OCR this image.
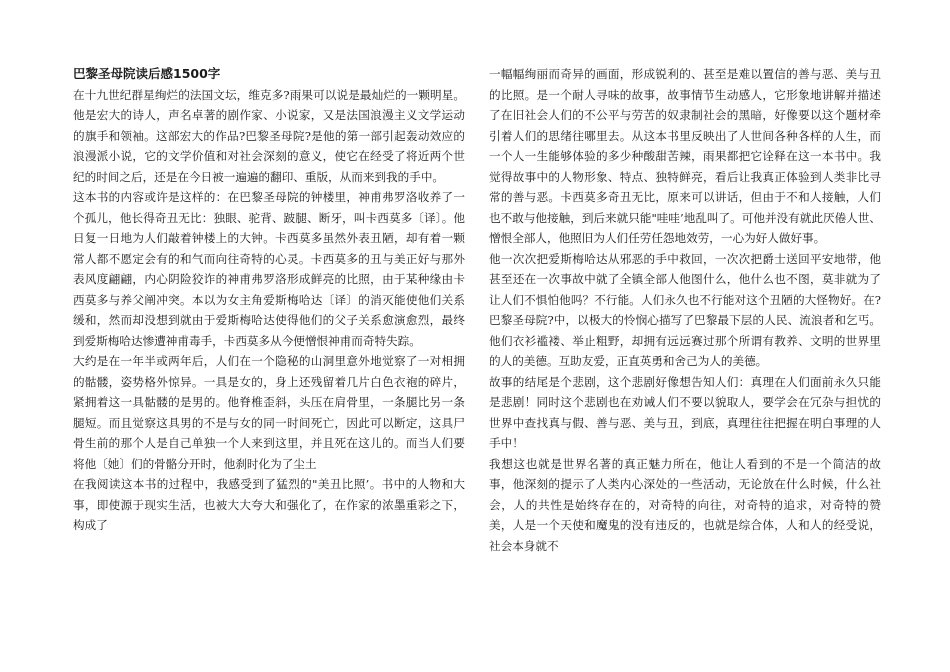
巴黎圣母院读后感1500字

在十九世纪群星绚烂的法国文坛，维克多?雨果可以说是最灿烂的一颗明星。他是宏大的诗人，声名卓著的剧作家、小说家，又是法国浪漫主义文学运动的旗手和领袖。这部宏大的作品?巴黎圣母院?是他的第一部引起轰动效应的浪漫派小说，它的文学价值和对社会深刻的意义，使它在经受了将近两个世纪的时间之后，还是在今日被一遍遍的翻印、重版，从而来到我的手中。

这本书的内容或许是这样的：在巴黎圣母院的钟楼里，神甫弗罗洛收养了一个孤儿，他长得奇丑无比：独眼、驼背、跛腿、断牙，叫卡西莫多〔译〕。他日复一日地为人们敲着钟楼上的大钟。卡西莫多虽然外表丑陋，却有着一颗常人都不愿定会有的和气而向往奇特的心灵。卡西莫多的丑与美正好与那外表风度翩翩，内心阴险狡诈的神甫弗罗洛形成鲜亮的比照，由于某种缘由卡西莫多与养父阐冲突。本以为女主角爱斯梅哈达〔译〕的消灭能使他们关系缓和，然而却没想到就由于爱斯梅哈达使得他们的父子关系愈演愈烈，最终到爱斯梅哈达惨遭神甫毒手，卡西莫多从今便憎恨神甫而奇特失踪。

大约是在一年半或两年后，人们在一个隐秘的山洞里意外地觉察了一对相拥的骷髅，姿势格外惊异。一具是女的，身上还残留着几片白色衣袍的碎片，紧拥着这一具骷髅的是男的。他脊椎歪斜，头压在肩骨里，一条腿比另一条腿短。而且觉察这具男的不是与女的同一时间死亡，因此可以断定，这具尸骨生前的那个人是自己单独一个人来到这里，并且死在这儿的。而当人们要将他〔她〕们的骨骼分开时，他刹时化为了尘土

在我阅读这本书的过程中，我感受到了猛烈的"美丑比照’。书中的人物和大事，即使源于现实生活，也被大大夸大和强化了，在作家的浓墨重彩之下，构成了

一幅幅绚丽而奇异的画面，形成锐利的、甚至是难以置信的善与恶、美与丑的比照。是一个耐人寻味的故事，故事情节生动感人，它形象地讲解并描述了在旧社会人们的不公平与劳苦的奴隶制社会的黑暗，好像要以这个题材牵引着人们的思绪往哪里去。从这本书里反映出了人世间各种各样的人生，而一个人一生能够体验的多少种酸甜苦辣，雨果都把它诠释在这一本书中。我觉得故事中的人物形象、特点、独特鲜亮，看后让我真正体验到人类非比寻常的善与恶。卡西莫多奇丑无比，原来可以讲话，但由于不和人接触，人们也不敢与他接触，到后来就只能"哇哇’地乱叫了。可他并没有就此厌倦人世、憎恨全部人，他照旧为人们任劳任怨地效劳，一心为好人做好事。

他一次次把爱斯梅哈达从邪恶的手中救回，一次次把爵士送回平安地带，他甚至还在一次事故中就了全镇全部人他图什么，他什么也不图，莫非就为了让人们不惧怕他吗？不行能。人们永久也不行能对这个丑陋的大怪物好。在?巴黎圣母院?中，以极大的怜悯心描写了巴黎最下层的人民、流浪者和乞丐。他们衣衫褴褛、举止粗野，却拥有远远赛过那个所谓有教养、文明的世界里的人的美德。互助友爱，正直英勇和舍己为人的美德。

故事的结尾是个悲剧，这个悲剧好像想告知人们：真理在人们面前永久只能是悲剧！同时这个悲剧也在劝诫人们不要以貌取人，要学会在冗杂与担忧的世界中查找真与假、善与恶、美与丑，到底，真理往往把握在明白事理的人手中！

我想这也就是世界名著的真正魅力所在，他让人看到的不是一个简洁的故事，他深刻的提示了人类内心深处的一些活动，无论放在什么时候，什么社会，人的共性是始终存在的，对奇特的向往，对奇特的追求，对奇特的赞美，人是一个天使和魔鬼的没有违反的，也就是综合体，人和人的经受说，社会本身就不
